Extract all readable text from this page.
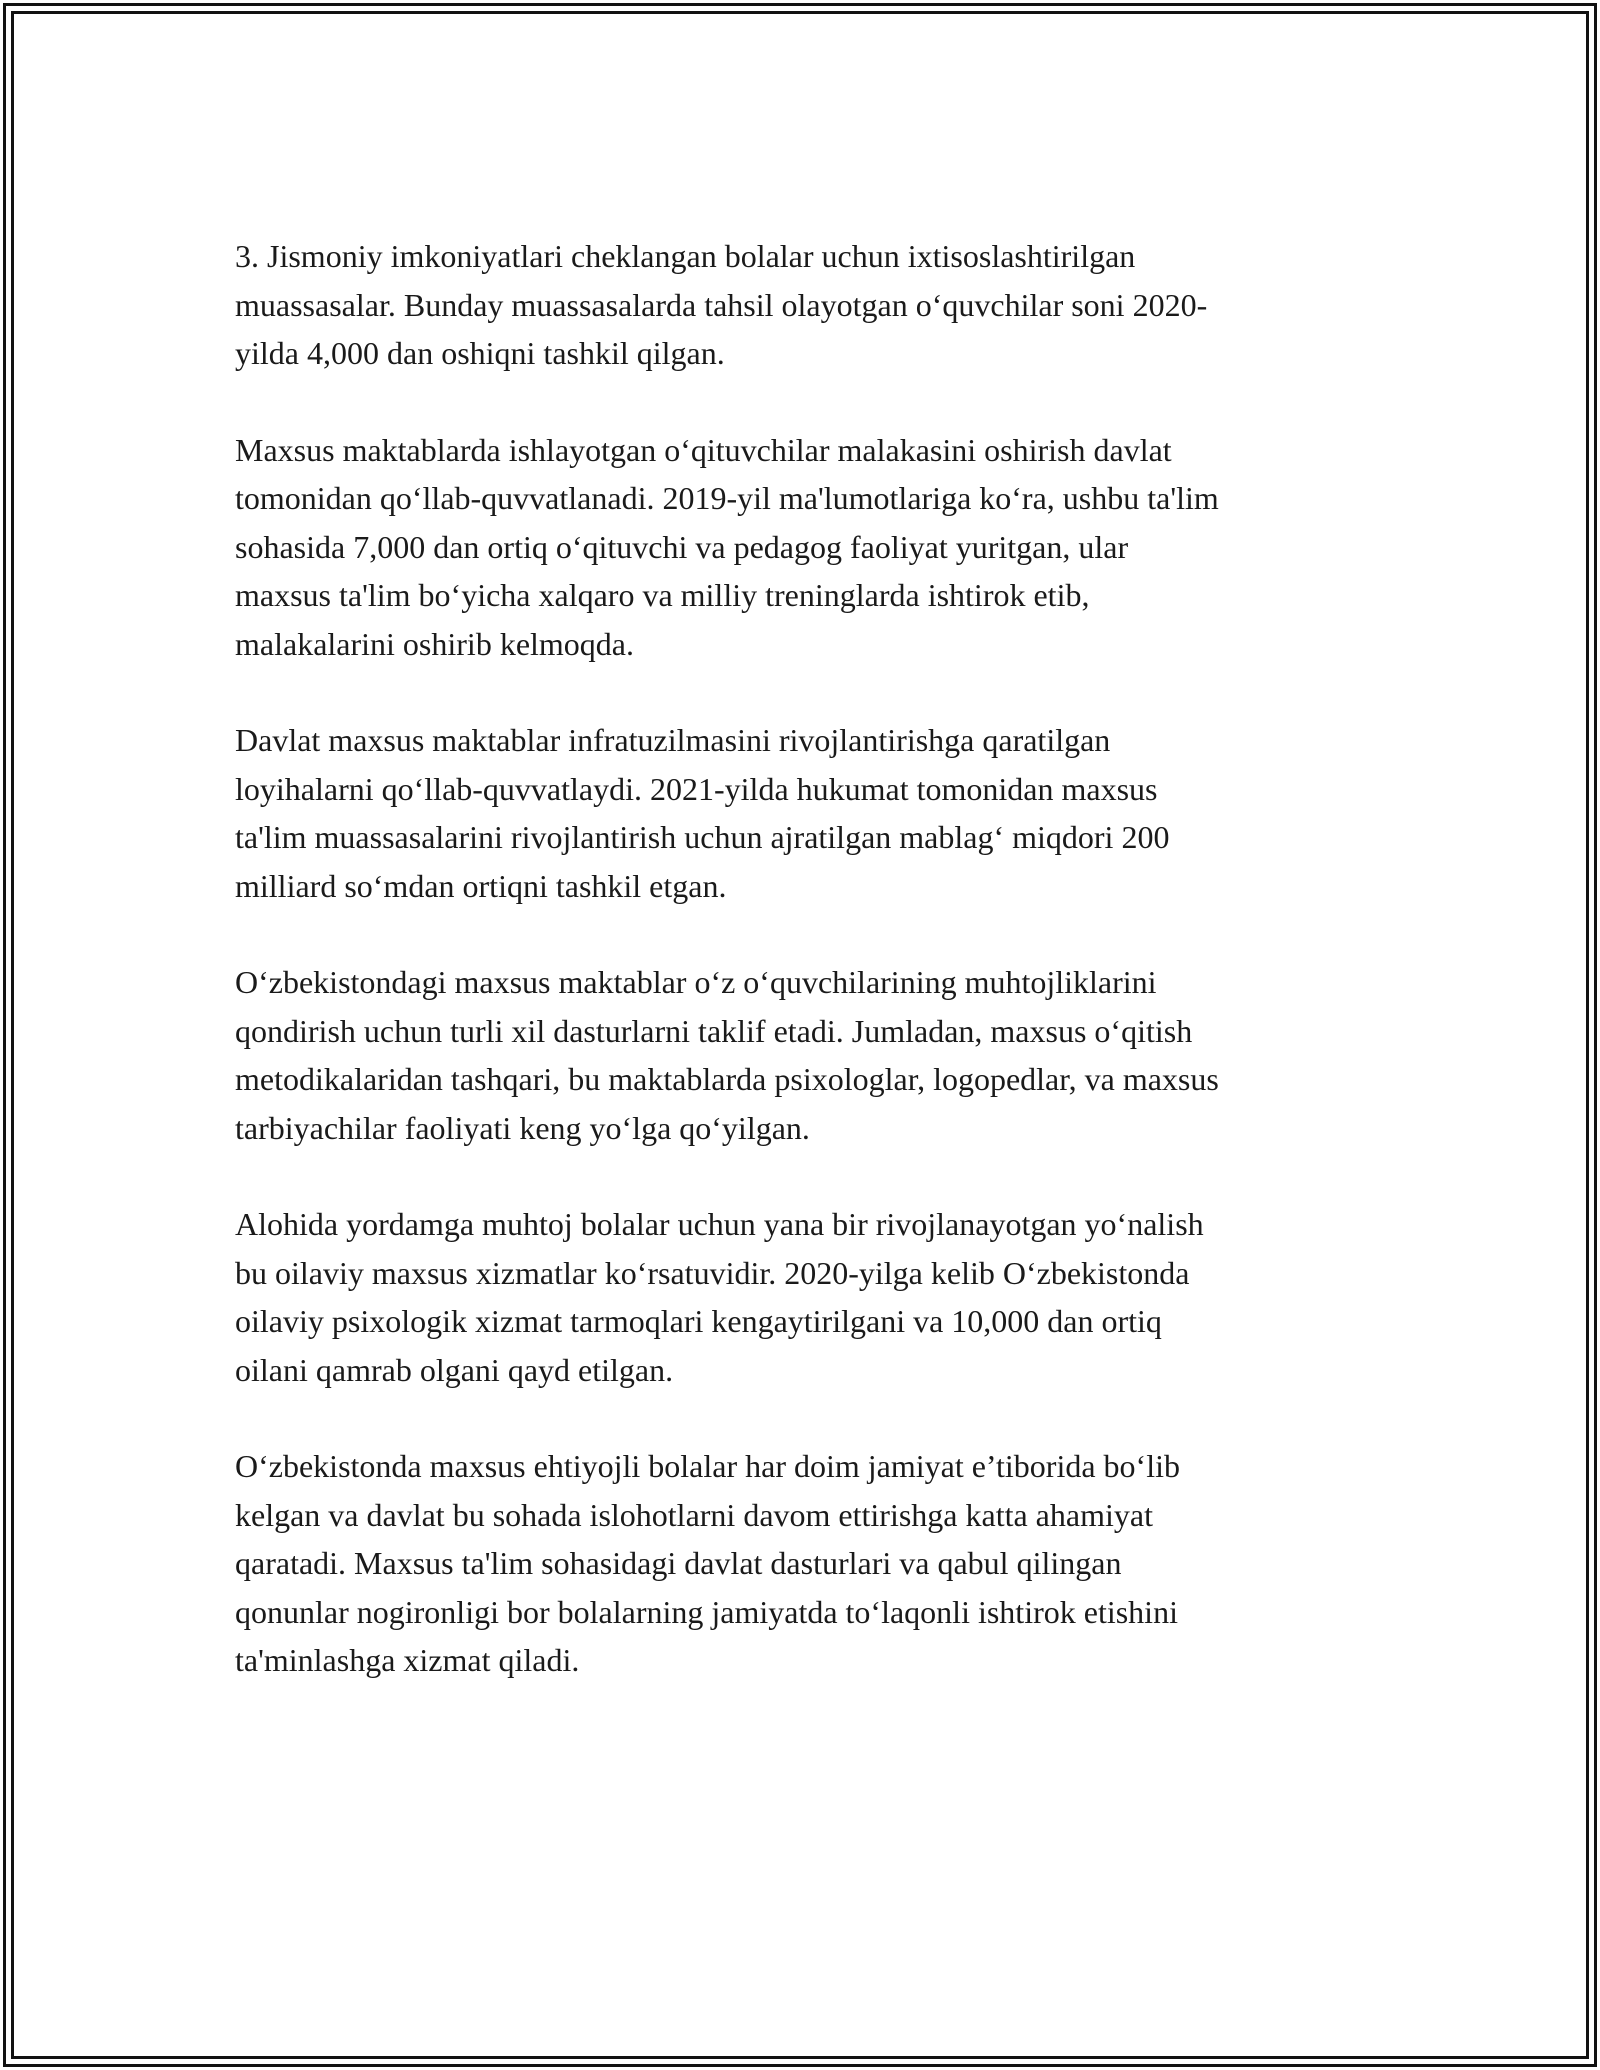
3. Jismoniy imkoniyatlari cheklangan bolalar uchun ixtisoslashtirilgan
muassasalar. Bunday muassasalarda tahsil olayotgan o‘quvchilar soni 2020-
yilda 4,000 dan oshiqni tashkil qilgan.

Maxsus maktablarda ishlayotgan o‘qituvchilar malakasini oshirish davlat
tomonidan qo‘llab-quvvatlanadi. 2019-yil ma'lumotlariga ko‘ra, ushbu ta'lim
sohasida 7,000 dan ortiq o‘qituvchi va pedagog faoliyat yuritgan, ular
maxsus ta'lim bo‘yicha xalqaro va milliy treninglarda ishtirok etib,
malakalarini oshirib kelmoqda.

Davlat maxsus maktablar infratuzilmasini rivojlantirishga qaratilgan
loyihalarni qo‘llab-quvvatlaydi. 2021-yilda hukumat tomonidan maxsus
ta'lim muassasalarini rivojlantirish uchun ajratilgan mablag‘ miqdori 200
milliard so‘mdan ortiqni tashkil etgan.

O‘zbekistondagi maxsus maktablar o‘z o‘quvchilarining muhtojliklarini
qondirish uchun turli xil dasturlarni taklif etadi. Jumladan, maxsus o‘qitish
metodikalaridan tashqari, bu maktablarda psixologlar, logopedlar, va maxsus
tarbiyachilar faoliyati keng yo‘lga qo‘yilgan.

Alohida yordamga muhtoj bolalar uchun yana bir rivojlanayotgan yo‘nalish
bu oilaviy maxsus xizmatlar ko‘rsatuvidir. 2020-yilga kelib O‘zbekistonda
oilaviy psixologik xizmat tarmoqlari kengaytirilgani va 10,000 dan ortiq
oilani qamrab olgani qayd etilgan.

O‘zbekistonda maxsus ehtiyojli bolalar har doim jamiyat e’tiborida bo‘lib
kelgan va davlat bu sohada islohotlarni davom ettirishga katta ahamiyat
qaratadi. Maxsus ta'lim sohasidagi davlat dasturlari va qabul qilingan
qonunlar nogironligi bor bolalarning jamiyatda to‘laqonli ishtirok etishini
ta'minlashga xizmat qiladi.
